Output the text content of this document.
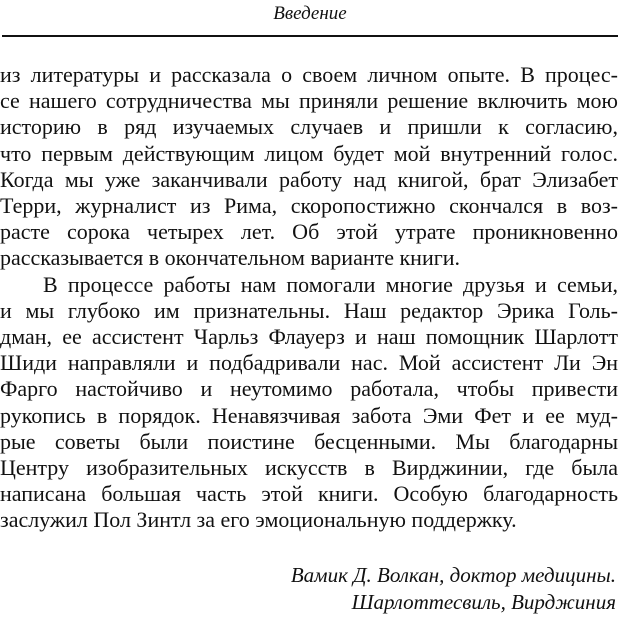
Введение
из литературы и рассказала о своем личном опыте. В процес-
се нашего сотрудничества мы приняли решение включить мою
историю в ряд изучаемых случаев и пришли к согласию,
что первым действующим лицом будет мой внутренний голос.
Когда мы уже заканчивали работу над книгой, брат Элизабет
Терри, журналист из Рима, скоропостижно скончался в воз-
расте сорока четырех лет. Об этой утрате проникновенно
рассказывается в окончательном варианте книги.
В процессе работы нам помогали многие друзья и семьи,
и мы глубоко им признательны. Наш редактор Эрика Голь-
дман, ее ассистент Чарльз Флауерз и наш помощник Шарлотт
Шиди направляли и подбадривали нас. Мой ассистент Ли Эн
Фарго настойчиво и неутомимо работала, чтобы привести
рукопись в порядок. Ненавязчивая забота Эми Фет и ее муд-
рые советы были поистине бесценными. Мы благодарны
Центру изобразительных искусств в Вирджинии, где была
написана большая часть этой книги. Особую благодарность
заслужил Пол Зинтл за его эмоциональную поддержку.
Вамик Д. Волкан, доктор медицины.
Шарлоттесвиль, Вирджиния
